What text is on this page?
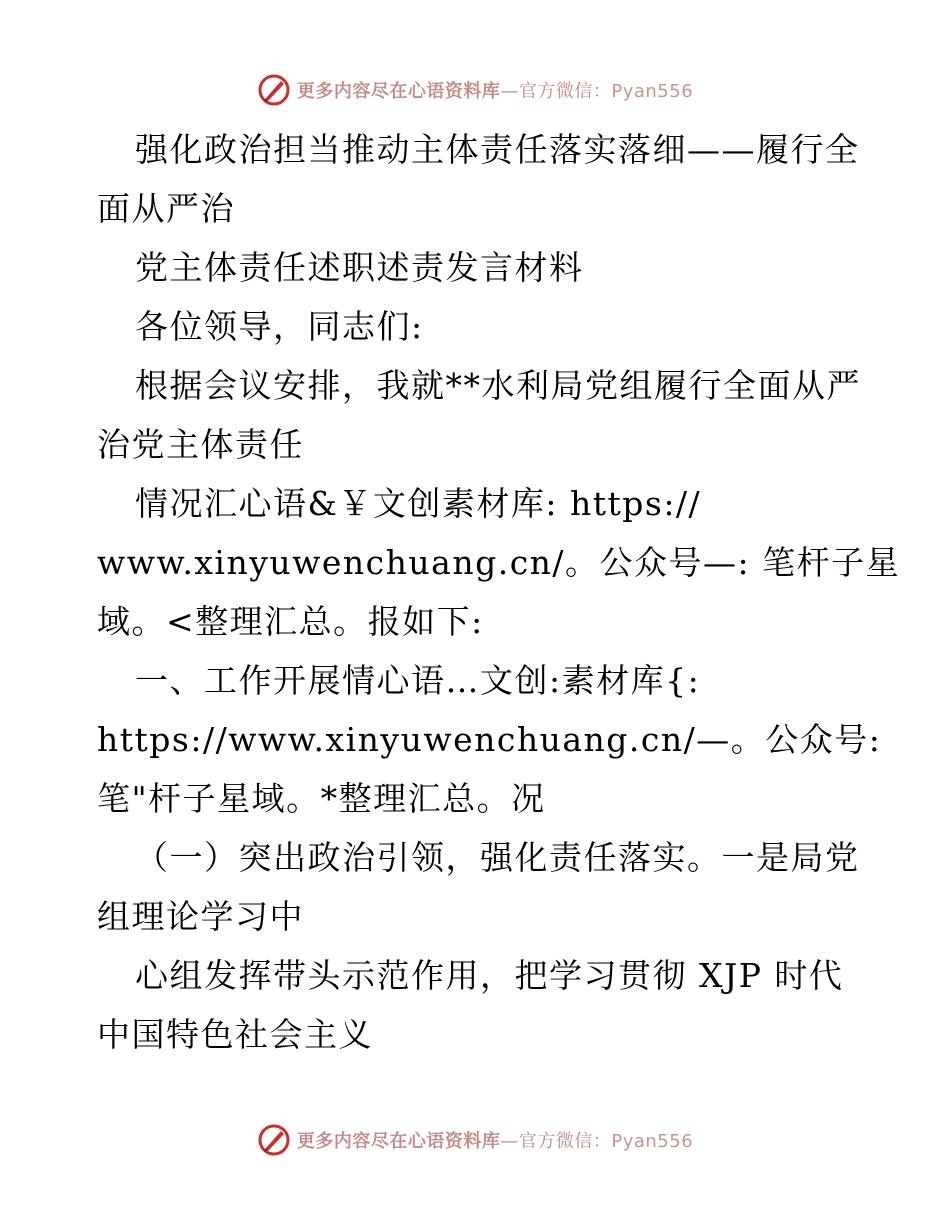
更多内容尽在心语资料库—官方微信：Pyan556

强化政治担当推动主体责任落实落细——履行全

面从严治

党主体责任述职述责发言材料

各位领导，同志们:

根据会议安排，我就**水利局党组履行全面从严

治党主体责任

情况汇心语&￥文创素材库: https://

www.xinyuwenchuang.cn/。公众号—: 笔杆子星

域。<整理汇总。报如下:

一、工作开展情心语…文创:素材库{:

https://www.xinyuwenchuang.cn/—。公众号:

笔"杆子星域。*整理汇总。况

（一）突出政治引领，强化责任落实。一是局党

组理论学习中

心组发挥带头示范作用，把学习贯彻 XJP 时代

中国特色社会主义

更多内容尽在心语资料库—官方微信：Pyan556
